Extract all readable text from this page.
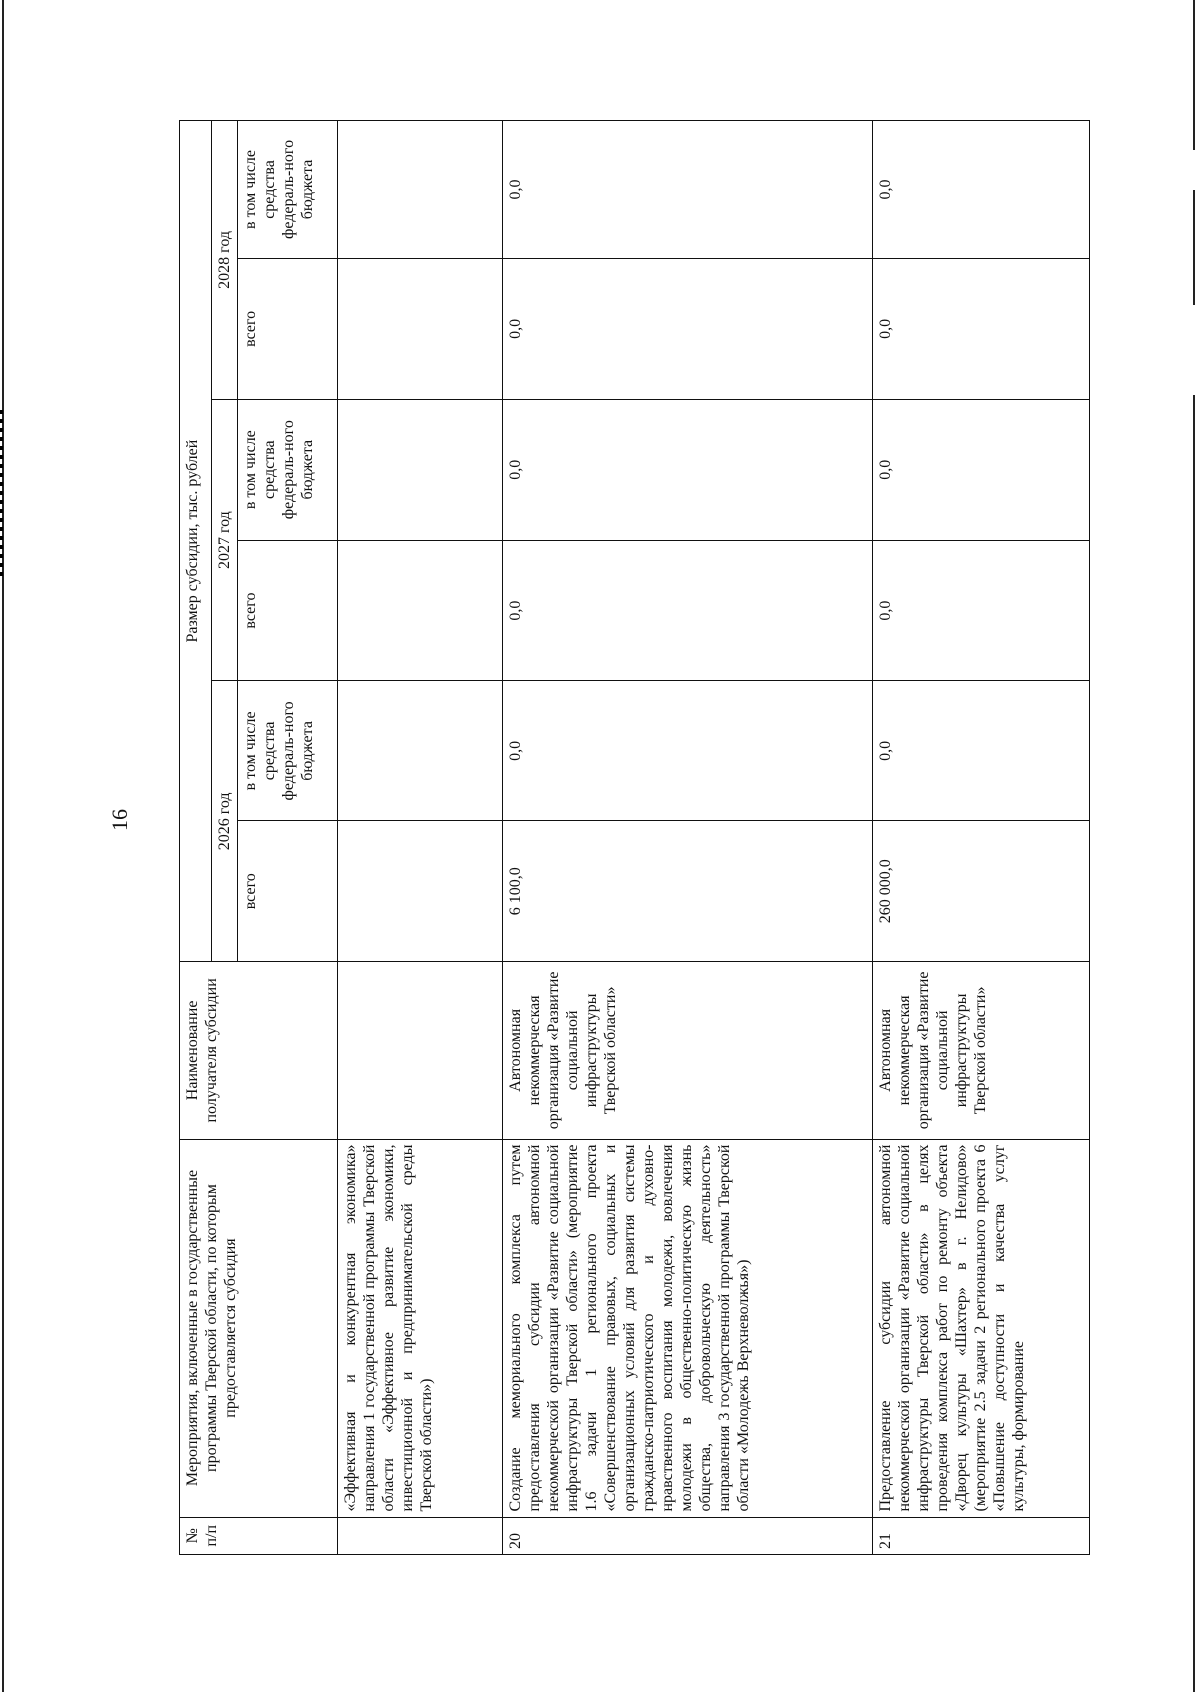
16
№ п/п	Мероприятия, включенные в государственные программы Тверской области, по которым предоставляется субсидия	Наименование получателя субсидии	Размер субсидии, тыс. рублей					
			2026 год		2027 год		2028 год	
			всего	в том числе средства федераль-ного бюджета	всего	в том числе средства федераль-ного бюджета	всего	в том числе средства федераль-ного бюджета
	«Эффективная и конкурентная экономика» направления 1 государственной программы Тверской области «Эффективное развитие экономики, инвестиционной и предпринимательской среды Тверской области»)							
20	Создание мемориального комплекса путем предоставления субсидии автономной некоммерческой организации «Развитие социальной инфраструктуры Тверской области» (мероприятие 1.6 задачи 1 регионального проекта «Совершенствование правовых, социальных и организационных условий для развития системы гражданско-патриотического и духовно-нравственного воспитания молодежи, вовлечения молодежи в общественно-политическую жизнь общества, добровольческую деятельность» направления 3 государственной программы Тверской области «Молодежь Верхневолжья»)	Автономная некоммерческая организация «Развитие социальной инфраструктуры Тверской области»	6 100,0	0,0	0,0	0,0	0,0	0,0
21	Предоставление субсидии автономной некоммерческой организации «Развитие социальной инфраструктуры Тверской области» в целях проведения комплекса работ по ремонту объекта «Дворец культуры «Шахтер» в г. Нелидово» (мероприятие 2.5 задачи 2 регионального проекта 6 «Повышение доступности и качества услуг культуры, формирование	Автономная некоммерческая организация «Развитие социальной инфраструктуры Тверской области»	260 000,0	0,0	0,0	0,0	0,0	0,0
